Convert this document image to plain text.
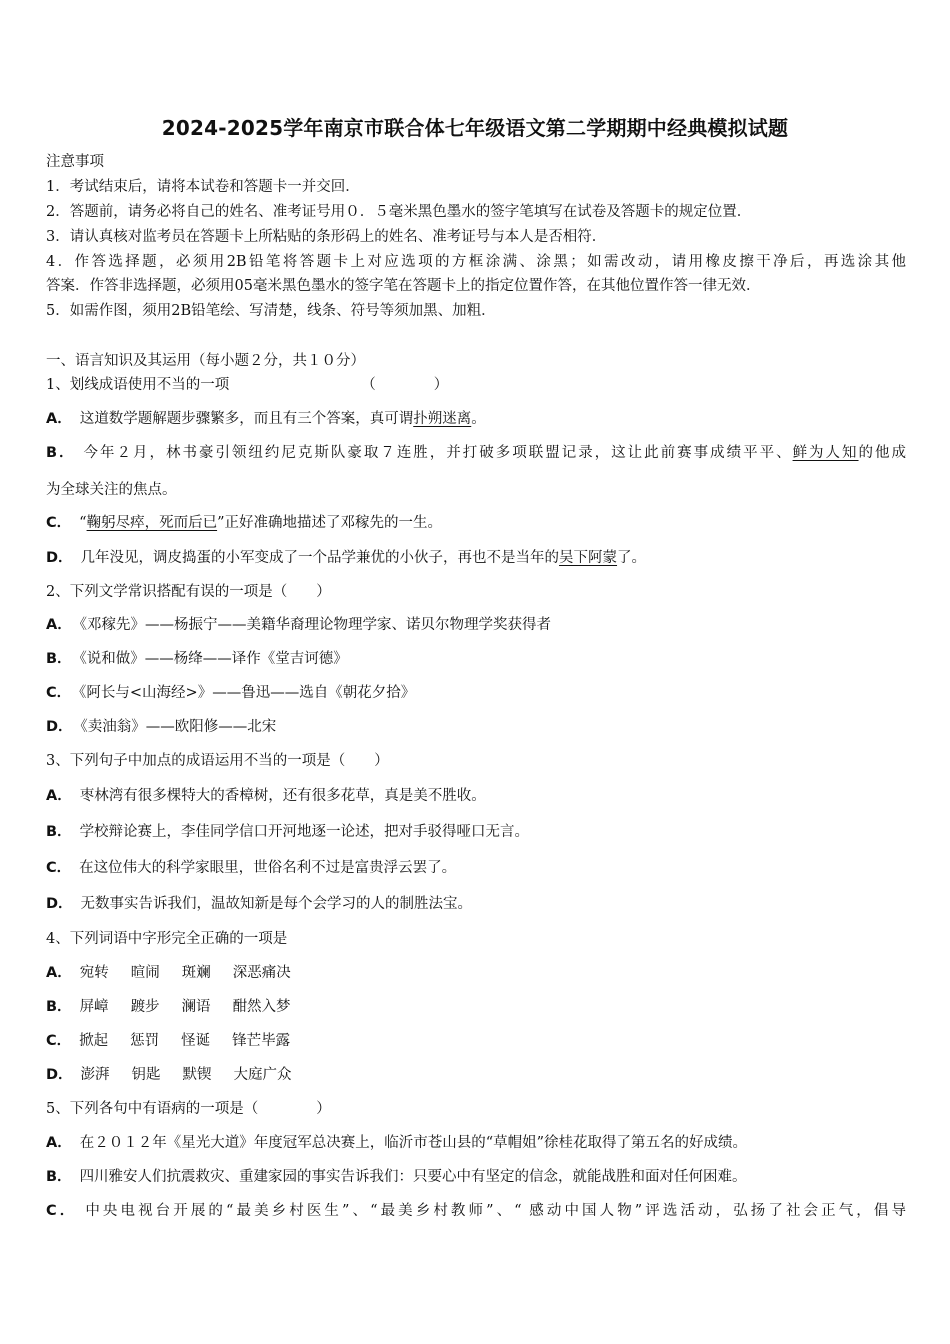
2024-2025学年南京市联合体七年级语文第二学期期中经典模拟试题
注意事项
1．考试结束后，请将本试卷和答题卡一并交回．
2．答题前，请务必将自己的姓名、准考证号用０．５毫米黑色墨水的签字笔填写在试卷及答题卡的规定位置．
3．请认真核对监考员在答题卡上所粘贴的条形码上的姓名、准考证号与本人是否相符．
4．作答选择题，必须用2B铅笔将答题卡上对应选项的方框涂满、涂黑；如需改动，请用橡皮擦干净后，再选涂其他
答案．作答非选择题，必须用05毫米黑色墨水的签字笔在答题卡上的指定位置作答，在其他位置作答一律无效．
5．如需作图，须用2B铅笔绘、写清楚，线条、符号等须加黑、加粗．
一、语言知识及其运用（每小题２分，共１０分）
1、划线成语使用不当的一项	（　　　　）
A． 这道数学题解题步骤繁多，而且有三个答案，真可谓扑朔迷离。
B． 今年２月，林书豪引领纽约尼克斯队豪取７连胜，并打破多项联盟记录，这让此前赛事成绩平平、鲜为人知的他成
为全球关注的焦点。
C． “鞠躬尽瘁，死而后已”正好准确地描述了邓稼先的一生。
D． 几年没见，调皮捣蛋的小军变成了一个品学兼优的小伙子，再也不是当年的吴下阿蒙了。
2、下列文学常识搭配有误的一项是（　　）
A． 《邓稼先》——杨振宁——美籍华裔理论物理学家、诺贝尔物理学奖获得者
B． 《说和做》——杨绛——译作《堂吉诃德》
C． 《阿长与<山海经>》——鲁迅——选自《朝花夕拾》
D． 《卖油翁》——欧阳修——北宋
3、下列句子中加点的成语运用不当的一项是（　　）
A． 枣林湾有很多棵特大的香樟树，还有很多花草，真是美不胜收。
B． 学校辩论赛上，李佳同学信口开河地逐一论述，把对手驳得哑口无言。
C． 在这位伟大的科学家眼里，世俗名利不过是富贵浮云罢了。
D． 无数事实告诉我们，温故知新是每个会学习的人的制胜法宝。
4、下列词语中字形完全正确的一项是
A． 宛转 暄闹 斑斓 深恶痛决
B． 屏嶂 踱步 澜语 酣然入梦
C． 掀起 惩罚 怪诞 锋芒毕露
D． 澎湃 钥匙 默锲 大庭广众
5、下列各句中有语病的一项是（　　　　）
A． 在２０１２年《星光大道》年度冠军总决赛上，临沂市苍山县的“草帽姐”徐桂花取得了第五名的好成绩。
B． 四川雅安人们抗震救灾、重建家园的事实告诉我们：只要心中有坚定的信念，就能战胜和面对任何困难。
C． 中央电视台开展的“最美乡村医生”、“最美乡村教师”、“ 感动中国人物”评选活动，弘扬了社会正气，倡导
